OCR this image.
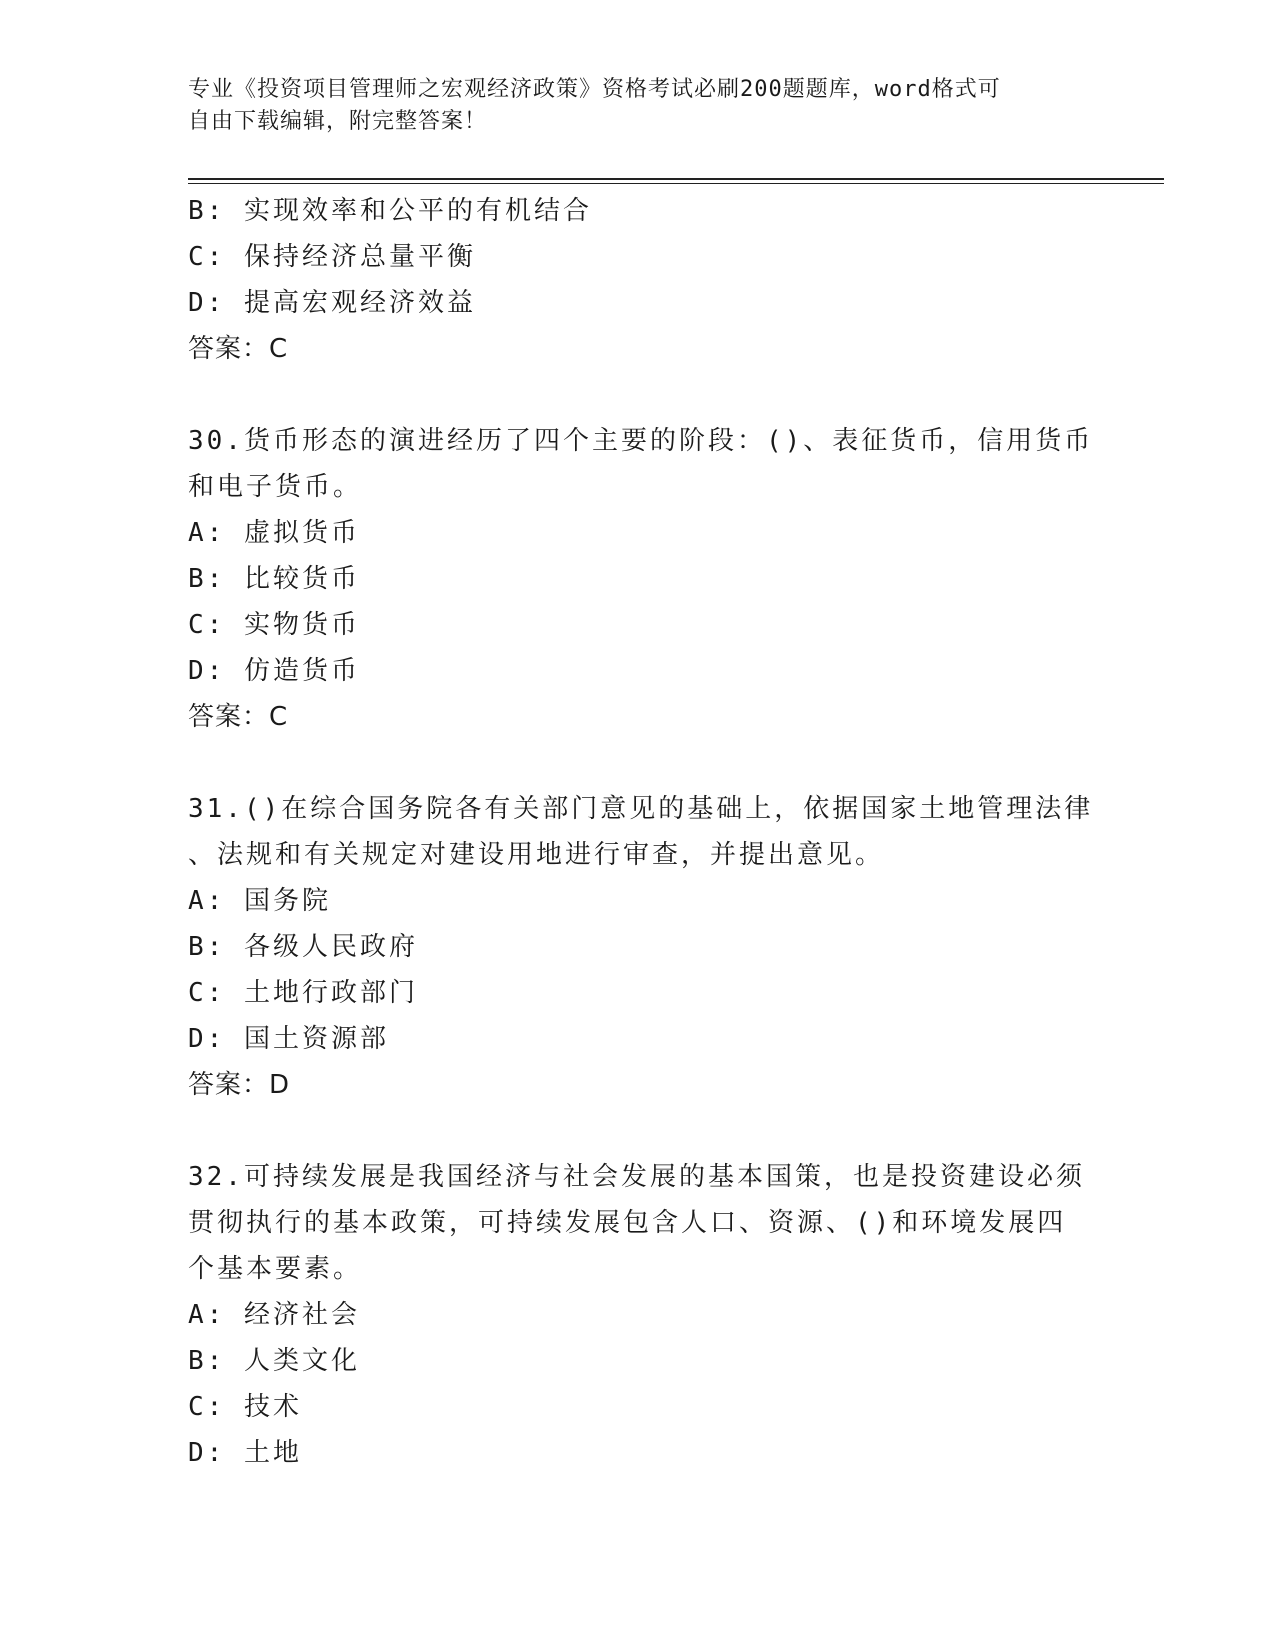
专业《投资项目管理师之宏观经济政策》资格考试必刷200题题库，word格式可
自由下载编辑，附完整答案！
B: 实现效率和公平的有机结合
C: 保持经济总量平衡
D: 提高宏观经济效益
答案：C
30.货币形态的演进经历了四个主要的阶段：()、表征货币，信用货币
和电子货币。
A: 虚拟货币
B: 比较货币
C: 实物货币
D: 仿造货币
答案：C
31.()在综合国务院各有关部门意见的基础上，依据国家土地管理法律
、法规和有关规定对建设用地进行审查，并提出意见。
A: 国务院
B: 各级人民政府
C: 土地行政部门
D: 国土资源部
答案：D
32.可持续发展是我国经济与社会发展的基本国策，也是投资建设必须
贯彻执行的基本政策，可持续发展包含人口、资源、()和环境发展四
个基本要素。
A: 经济社会
B: 人类文化
C: 技术
D: 土地
